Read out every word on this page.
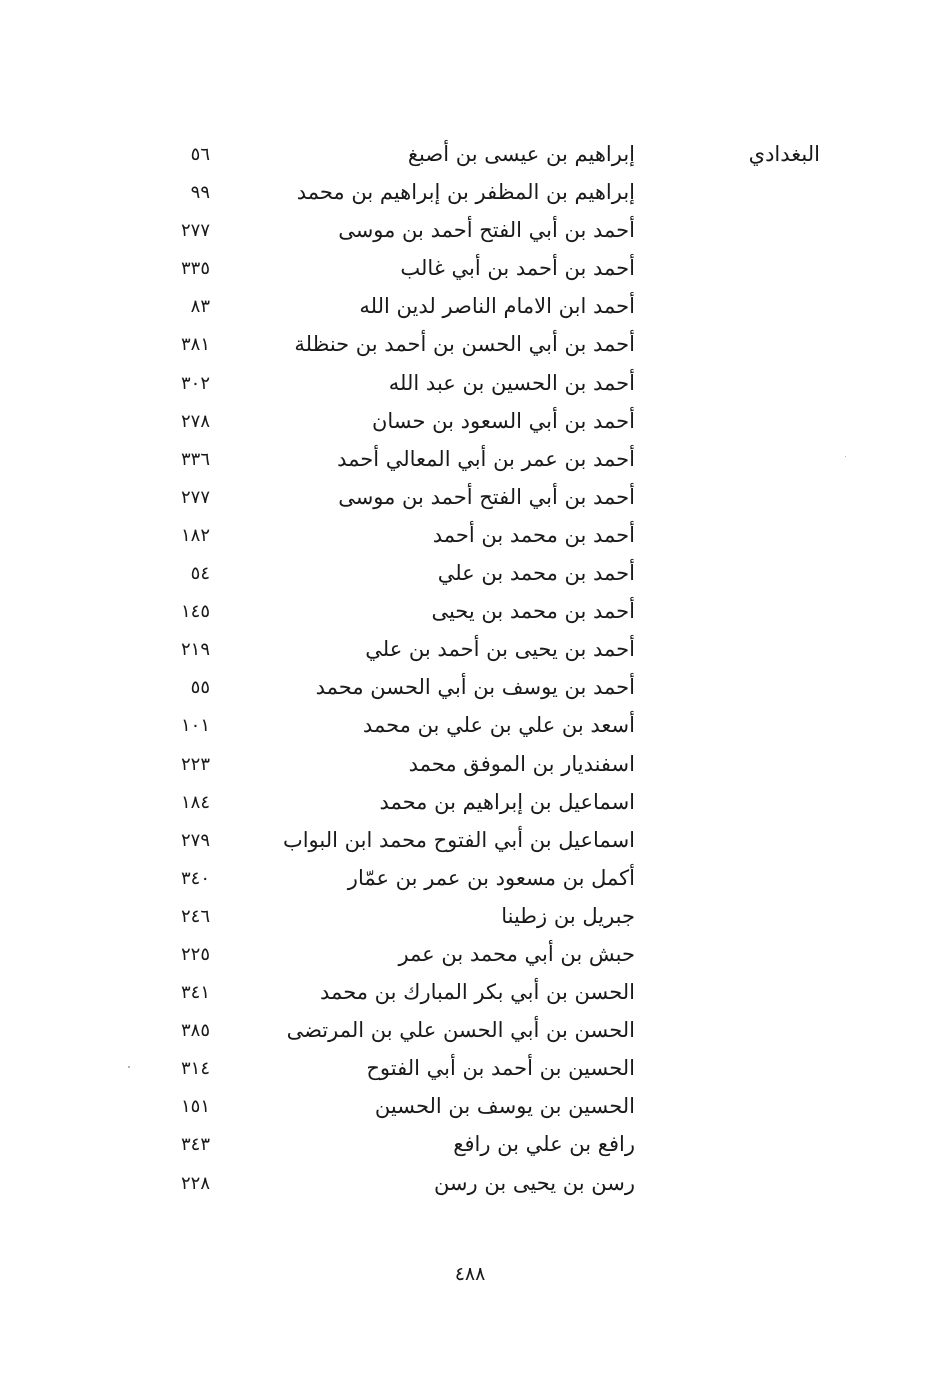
البغدادي
إبراهيم بن عيسى بن أصبغ
٥٦
إبراهيم بن المظفر بن إبراهيم بن محمد
٩٩
أحمد بن أبي الفتح أحمد بن موسى
٢٧٧
أحمد بن أحمد بن أبي غالب
٣٣٥
أحمد ابن الامام الناصر لدين الله
٨٣
أحمد بن أبي الحسن بن أحمد بن حنظلة
٣٨١
أحمد بن الحسين بن عبد الله
٣٠٢
أحمد بن أبي السعود بن حسان
٢٧٨
أحمد بن عمر بن أبي المعالي أحمد
٣٣٦
أحمد بن أبي الفتح أحمد بن موسى
٢٧٧
أحمد بن محمد بن أحمد
١٨٢
أحمد بن محمد بن علي
٥٤
أحمد بن محمد بن يحيى
١٤٥
أحمد بن يحيى بن أحمد بن علي
٢١٩
أحمد بن يوسف بن أبي الحسن محمد
٥٥
أسعد بن علي بن علي بن محمد
١٠١
اسفنديار بن الموفق محمد
٢٢٣
اسماعيل بن إبراهيم بن محمد
١٨٤
اسماعيل بن أبي الفتوح محمد ابن البواب
٢٧٩
أكمل بن مسعود بن عمر بن عمّار
٣٤٠
جبريل بن زطينا
٢٤٦
حبش بن أبي محمد بن عمر
٢٢٥
الحسن بن أبي بكر المبارك بن محمد
٣٤١
الحسن بن أبي الحسن علي بن المرتضى
٣٨٥
الحسين بن أحمد بن أبي الفتوح
٣١٤
الحسين بن يوسف بن الحسين
١٥١
رافع بن علي بن رافع
٣٤٣
رسن بن يحيى بن رسن
٢٢٨
٤٨٨
